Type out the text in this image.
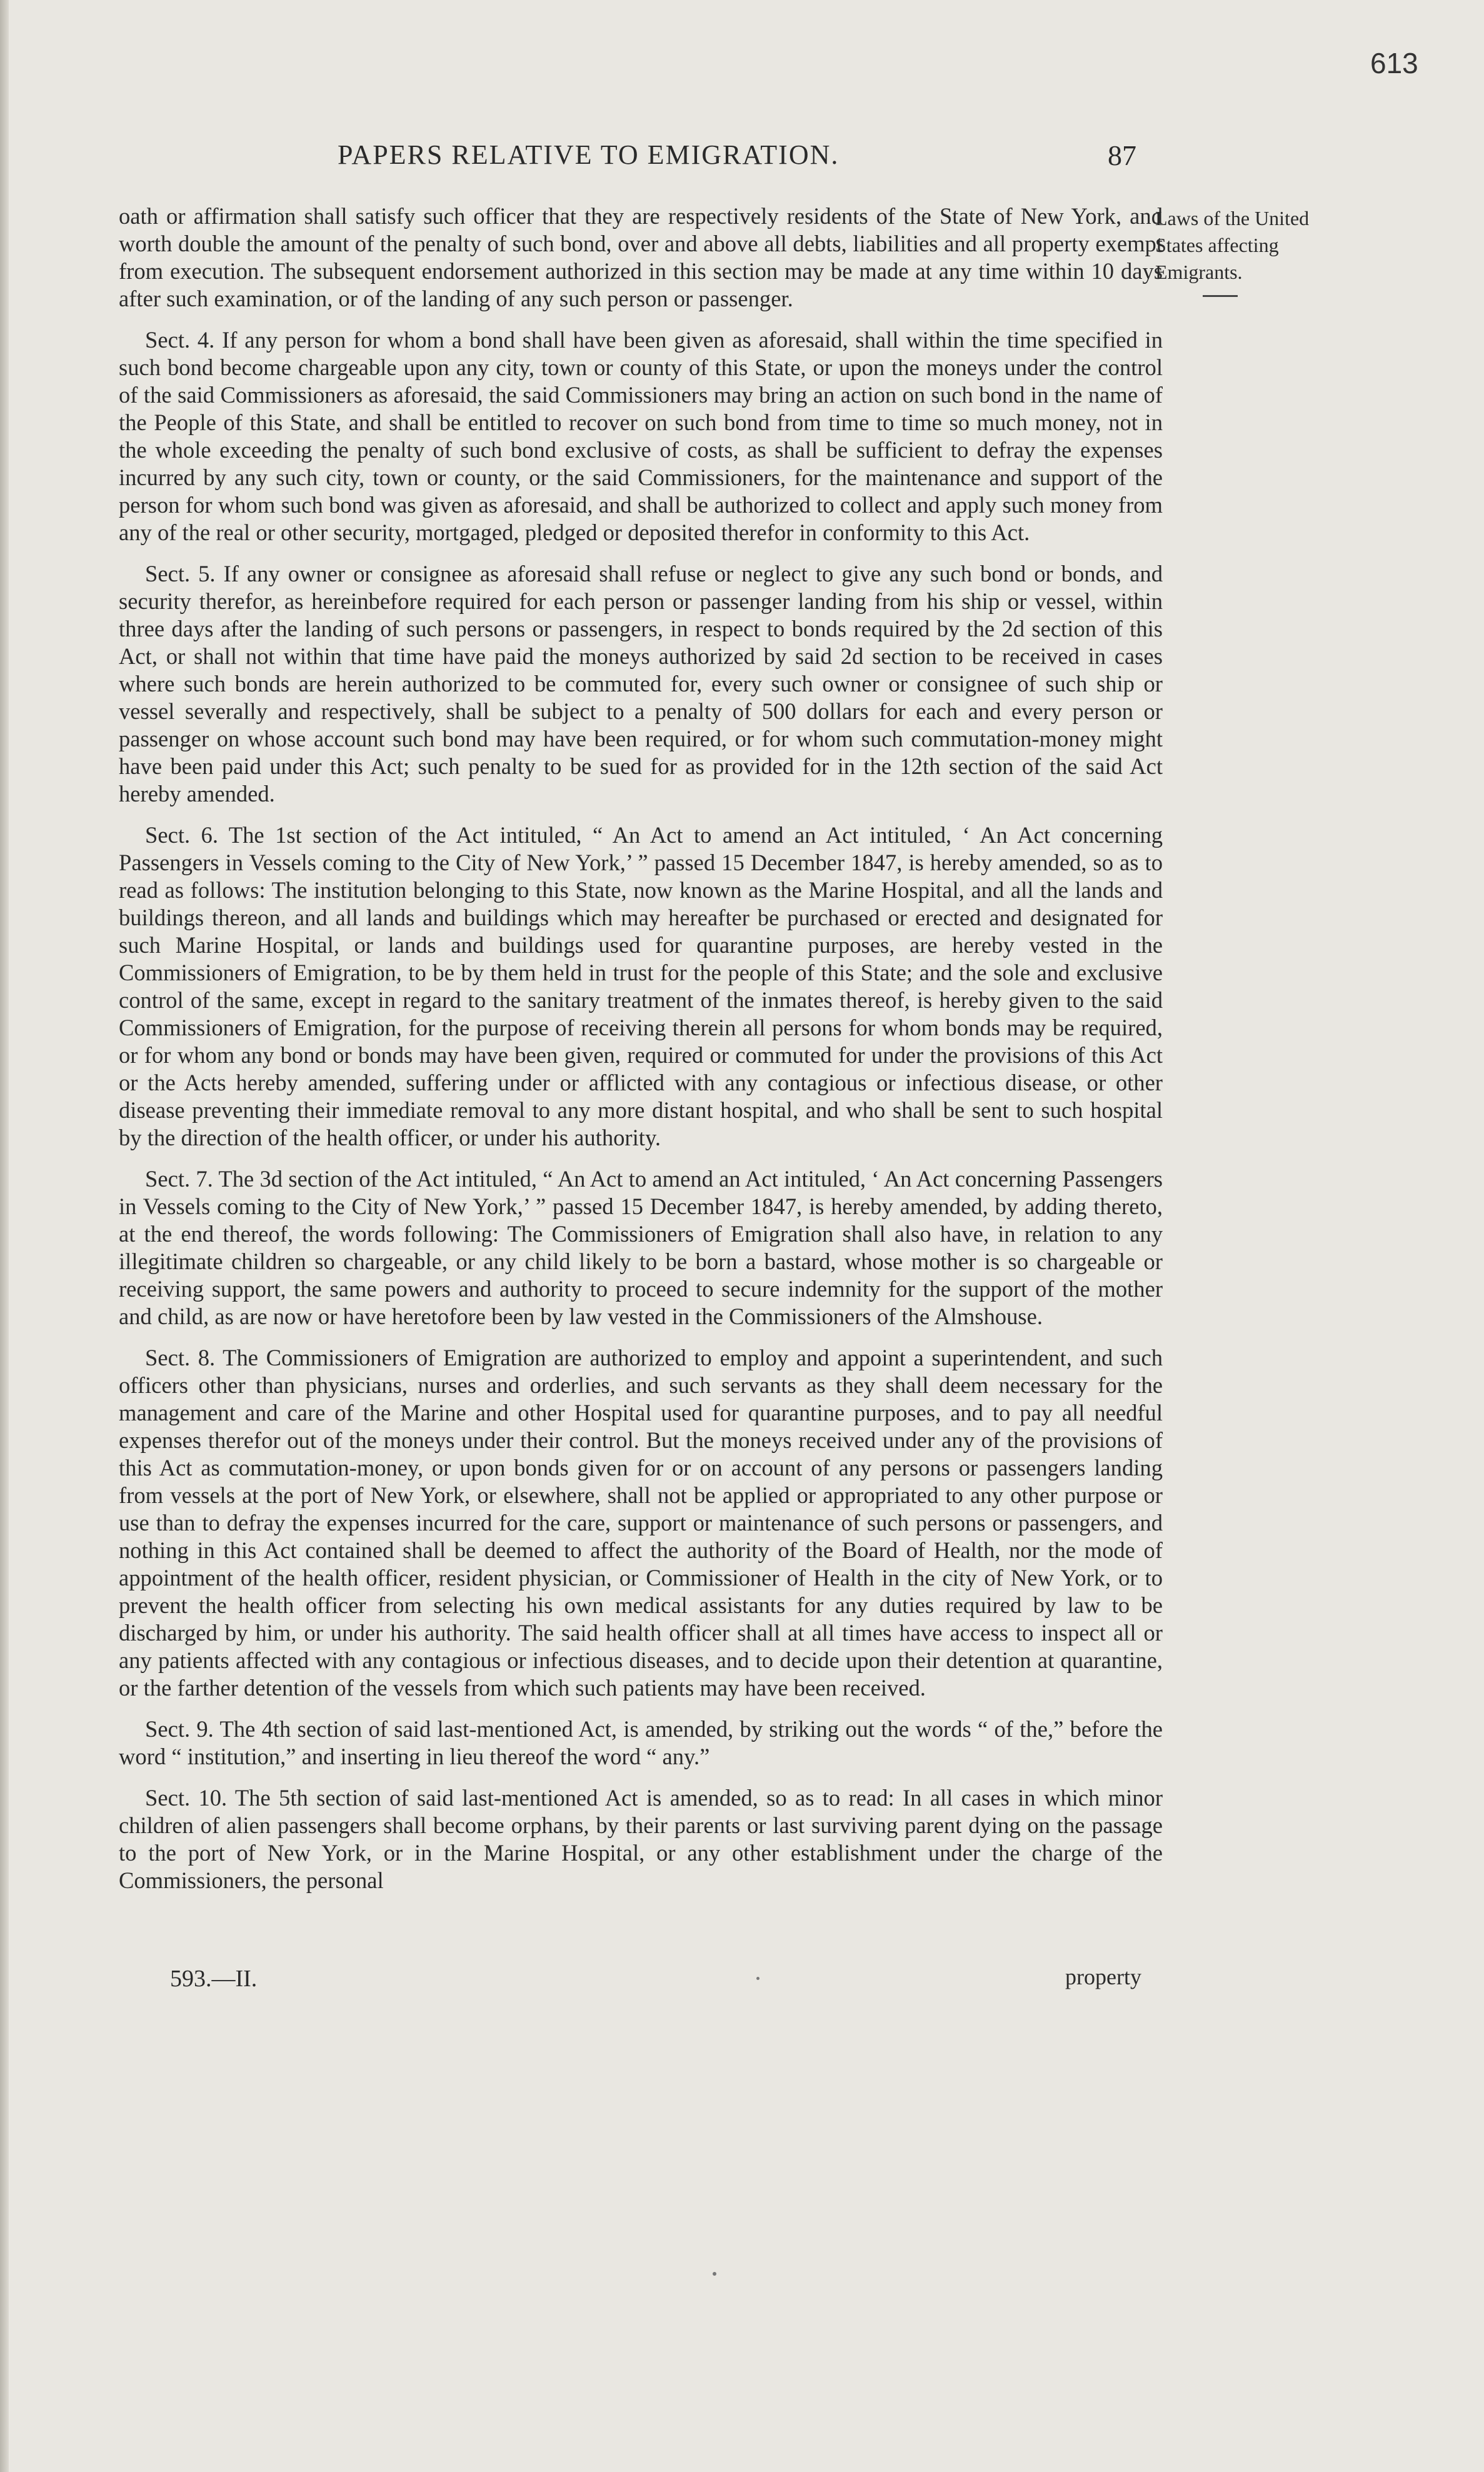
613
PAPERS RELATIVE TO EMIGRATION.	87
Laws of the United
States affecting
Emigrants.

oath or affirmation shall satisfy such officer that they are respectively residents of the State of New York, and worth double the amount of the penalty of such bond, over and above all debts, liabilities and all property exempt from execution. The subsequent endorsement authorized in this section may be made at any time within 10 days after such examination, or of the landing of any such person or passenger.

Sect. 4. If any person for whom a bond shall have been given as aforesaid, shall within the time specified in such bond become chargeable upon any city, town or county of this State, or upon the moneys under the control of the said Commissioners as aforesaid, the said Commissioners may bring an action on such bond in the name of the People of this State, and shall be entitled to recover on such bond from time to time so much money, not in the whole exceeding the penalty of such bond exclusive of costs, as shall be sufficient to defray the expenses incurred by any such city, town or county, or the said Commissioners, for the maintenance and support of the person for whom such bond was given as aforesaid, and shall be authorized to collect and apply such money from any of the real or other security, mortgaged, pledged or deposited therefor in conformity to this Act.

Sect. 5. If any owner or consignee as aforesaid shall refuse or neglect to give any such bond or bonds, and security therefor, as hereinbefore required for each person or passenger landing from his ship or vessel, within three days after the landing of such persons or passengers, in respect to bonds required by the 2d section of this Act, or shall not within that time have paid the moneys authorized by said 2d section to be received in cases where such bonds are herein authorized to be commuted for, every such owner or consignee of such ship or vessel severally and respectively, shall be subject to a penalty of 500 dollars for each and every person or passenger on whose account such bond may have been required, or for whom such commutation-money might have been paid under this Act; such penalty to be sued for as provided for in the 12th section of the said Act hereby amended.

Sect. 6. The 1st section of the Act intituled, “ An Act to amend an Act intituled, ‘ An Act concerning Passengers in Vessels coming to the City of New York,’ ” passed 15 December 1847, is hereby amended, so as to read as follows: The institution belonging to this State, now known as the Marine Hospital, and all the lands and buildings thereon, and all lands and buildings which may hereafter be purchased or erected and designated for such Marine Hospital, or lands and buildings used for quarantine purposes, are hereby vested in the Commissioners of Emigration, to be by them held in trust for the people of this State; and the sole and exclusive control of the same, except in regard to the sanitary treatment of the inmates thereof, is hereby given to the said Commissioners of Emigration, for the purpose of receiving therein all persons for whom bonds may be required, or for whom any bond or bonds may have been given, required or commuted for under the provisions of this Act or the Acts hereby amended, suffering under or afflicted with any contagious or infectious disease, or other disease preventing their immediate removal to any more distant hospital, and who shall be sent to such hospital by the direction of the health officer, or under his authority.

Sect. 7. The 3d section of the Act intituled, “ An Act to amend an Act intituled, ‘ An Act concerning Passengers in Vessels coming to the City of New York,’ ” passed 15 December 1847, is hereby amended, by adding thereto, at the end thereof, the words following: The Commissioners of Emigration shall also have, in relation to any illegitimate children so chargeable, or any child likely to be born a bastard, whose mother is so chargeable or receiving support, the same powers and authority to proceed to secure indemnity for the support of the mother and child, as are now or have heretofore been by law vested in the Commissioners of the Almshouse.

Sect. 8. The Commissioners of Emigration are authorized to employ and appoint a superintendent, and such officers other than physicians, nurses and orderlies, and such servants as they shall deem necessary for the management and care of the Marine and other Hospital used for quarantine purposes, and to pay all needful expenses therefor out of the moneys under their control. But the moneys received under any of the provisions of this Act as commutation-money, or upon bonds given for or on account of any persons or passengers landing from vessels at the port of New York, or elsewhere, shall not be applied or appropriated to any other purpose or use than to defray the expenses incurred for the care, support or maintenance of such persons or passengers, and nothing in this Act contained shall be deemed to affect the authority of the Board of Health, nor the mode of appointment of the health officer, resident physician, or Commissioner of Health in the city of New York, or to prevent the health officer from selecting his own medical assistants for any duties required by law to be discharged by him, or under his authority. The said health officer shall at all times have access to inspect all or any patients affected with any contagious or infectious diseases, and to decide upon their detention at quarantine, or the farther detention of the vessels from which such patients may have been received.

Sect. 9. The 4th section of said last-mentioned Act, is amended, by striking out the words “ of the,” before the word “ institution,” and inserting in lieu thereof the word “ any.”

Sect. 10. The 5th section of said last-mentioned Act is amended, so as to read: In all cases in which minor children of alien passengers shall become orphans, by their parents or last surviving parent dying on the passage to the port of New York, or in the Marine Hospital, or any other establishment under the charge of the Commissioners, the personal

593.—II.	property
